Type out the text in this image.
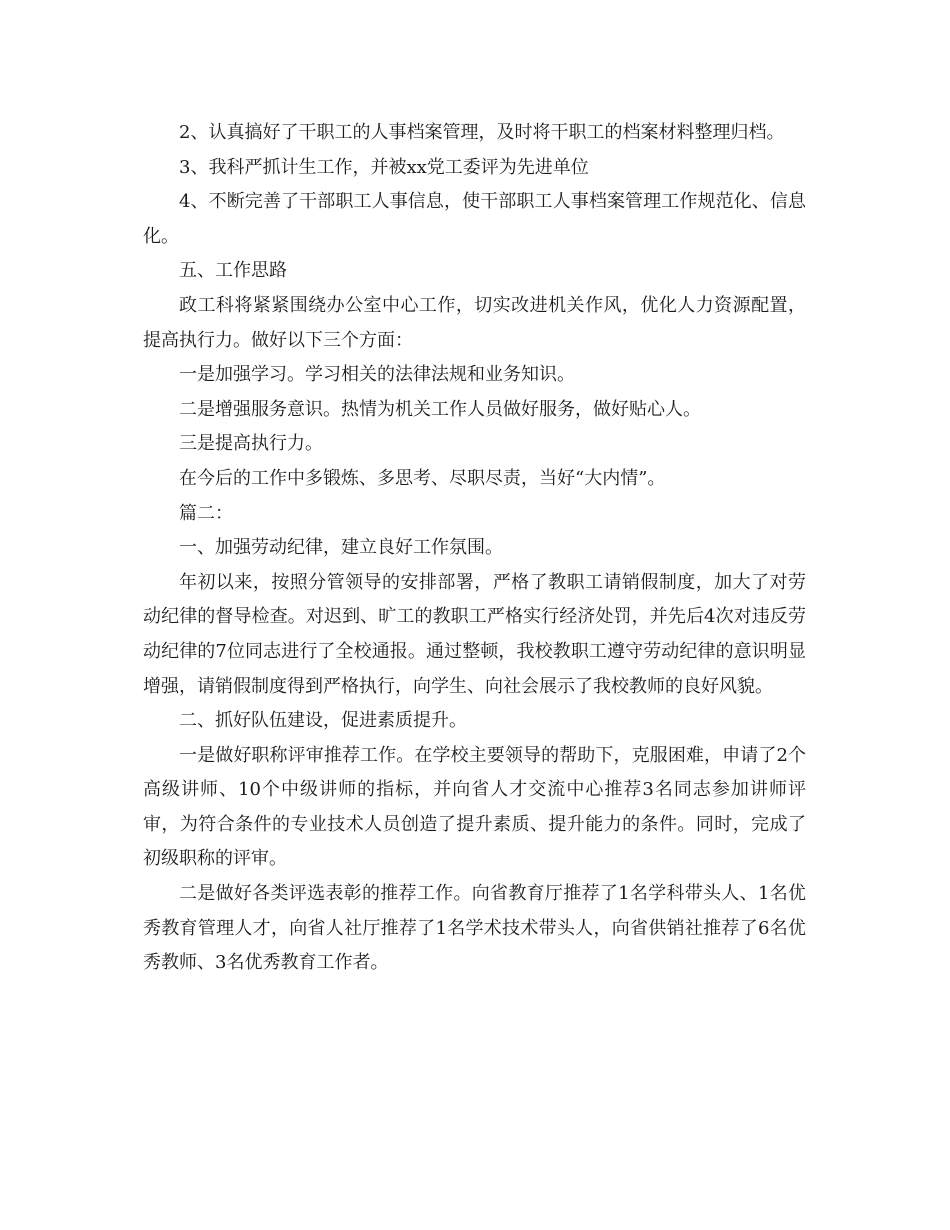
2、认真搞好了干职工的人事档案管理，及时将干职工的档案材料整理归档。

3、我科严抓计生工作，并被xx党工委评为先进单位

4、不断完善了干部职工人事信息，使干部职工人事档案管理工作规范化、信息化。

五、工作思路

政工科将紧紧围绕办公室中心工作，切实改进机关作风，优化人力资源配置，提高执行力。做好以下三个方面：

一是加强学习。学习相关的法律法规和业务知识。

二是增强服务意识。热情为机关工作人员做好服务，做好贴心人。

三是提高执行力。

在今后的工作中多锻炼、多思考、尽职尽责，当好“大内情”。

篇二：

一、加强劳动纪律，建立良好工作氛围。

年初以来，按照分管领导的安排部署，严格了教职工请销假制度，加大了对劳动纪律的督导检查。对迟到、旷工的教职工严格实行经济处罚，并先后4次对违反劳动纪律的7位同志进行了全校通报。通过整顿，我校教职工遵守劳动纪律的意识明显增强，请销假制度得到严格执行，向学生、向社会展示了我校教师的良好风貌。

二、抓好队伍建设，促进素质提升。

一是做好职称评审推荐工作。在学校主要领导的帮助下，克服困难，申请了2个高级讲师、10个中级讲师的指标，并向省人才交流中心推荐3名同志参加讲师评审，为符合条件的专业技术人员创造了提升素质、提升能力的条件。同时，完成了初级职称的评审。

二是做好各类评选表彰的推荐工作。向省教育厅推荐了1名学科带头人、1名优秀教育管理人才，向省人社厅推荐了1名学术技术带头人，向省供销社推荐了6名优秀教师、3名优秀教育工作者。
